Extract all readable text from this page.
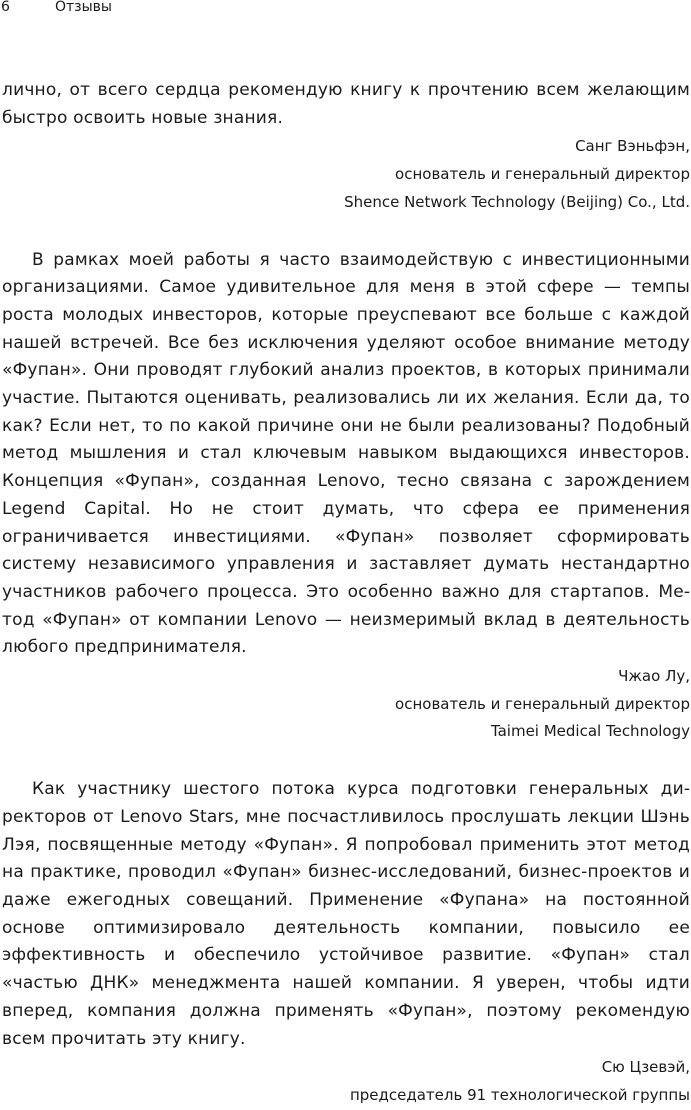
6	Отзывы

лично, от всего сердца рекомендую книгу к прочтению всем желающим быстро освоить новые знания.

Санг Вэньфэн,

основатель и генеральный директор

Shence Network Technology (Beijing) Co., Ltd.

В рамках моей работы я часто взаимодействую с инвестиционными организациями. Самое удивительное для меня в этой сфере — темпы роста молодых инвесторов, которые преуспевают все больше с каждой нашей встречей. Все без исключения уделяют особое внимание методу «Фупан». Они проводят глубокий анализ проектов, в которых принимали участие. Пытаются оценивать, реализовались ли их желания. Если да, то как? Если нет, то по какой причине они не были реализованы? Подобный метод мышления и стал ключевым навыком выдающихся инвесторов. Концепция «Фупан», созданная Lenovo, тесно связана с зарождением Legend Capital. Но не стоит думать, что сфера ее применения ограничивается инвестициями. «Фупан» позволяет сформировать систему независимого управления и заставляет думать нестандартно участников рабочего процесса. Это особенно важно для стартапов. Метод «Фупан» от компании Lenovo — неизмеримый вклад в деятельность любого предпринимателя.

Чжао Лу,

основатель и генеральный директор

Taimei Medical Technology

Как участнику шестого потока курса подготовки генеральных директоров от Lenovo Stars, мне посчастливилось прослушать лекции Шэнь Лэя, посвященные методу «Фупан». Я попробовал применить этот метод на практике, проводил «Фупан» бизнес-исследований, бизнес-проектов и даже ежегодных совещаний. Применение «Фупана» на постоянной основе оптимизировало деятельность компании, повысило ее эффективность и обеспечило устойчивое развитие. «Фупан» стал «частью ДНК» менеджмента нашей компании. Я уверен, чтобы идти вперед, компания должна применять «Фупан», поэтому рекомендую всем прочитать эту книгу.

Сю Цзевэй,

председатель 91 технологической группы
